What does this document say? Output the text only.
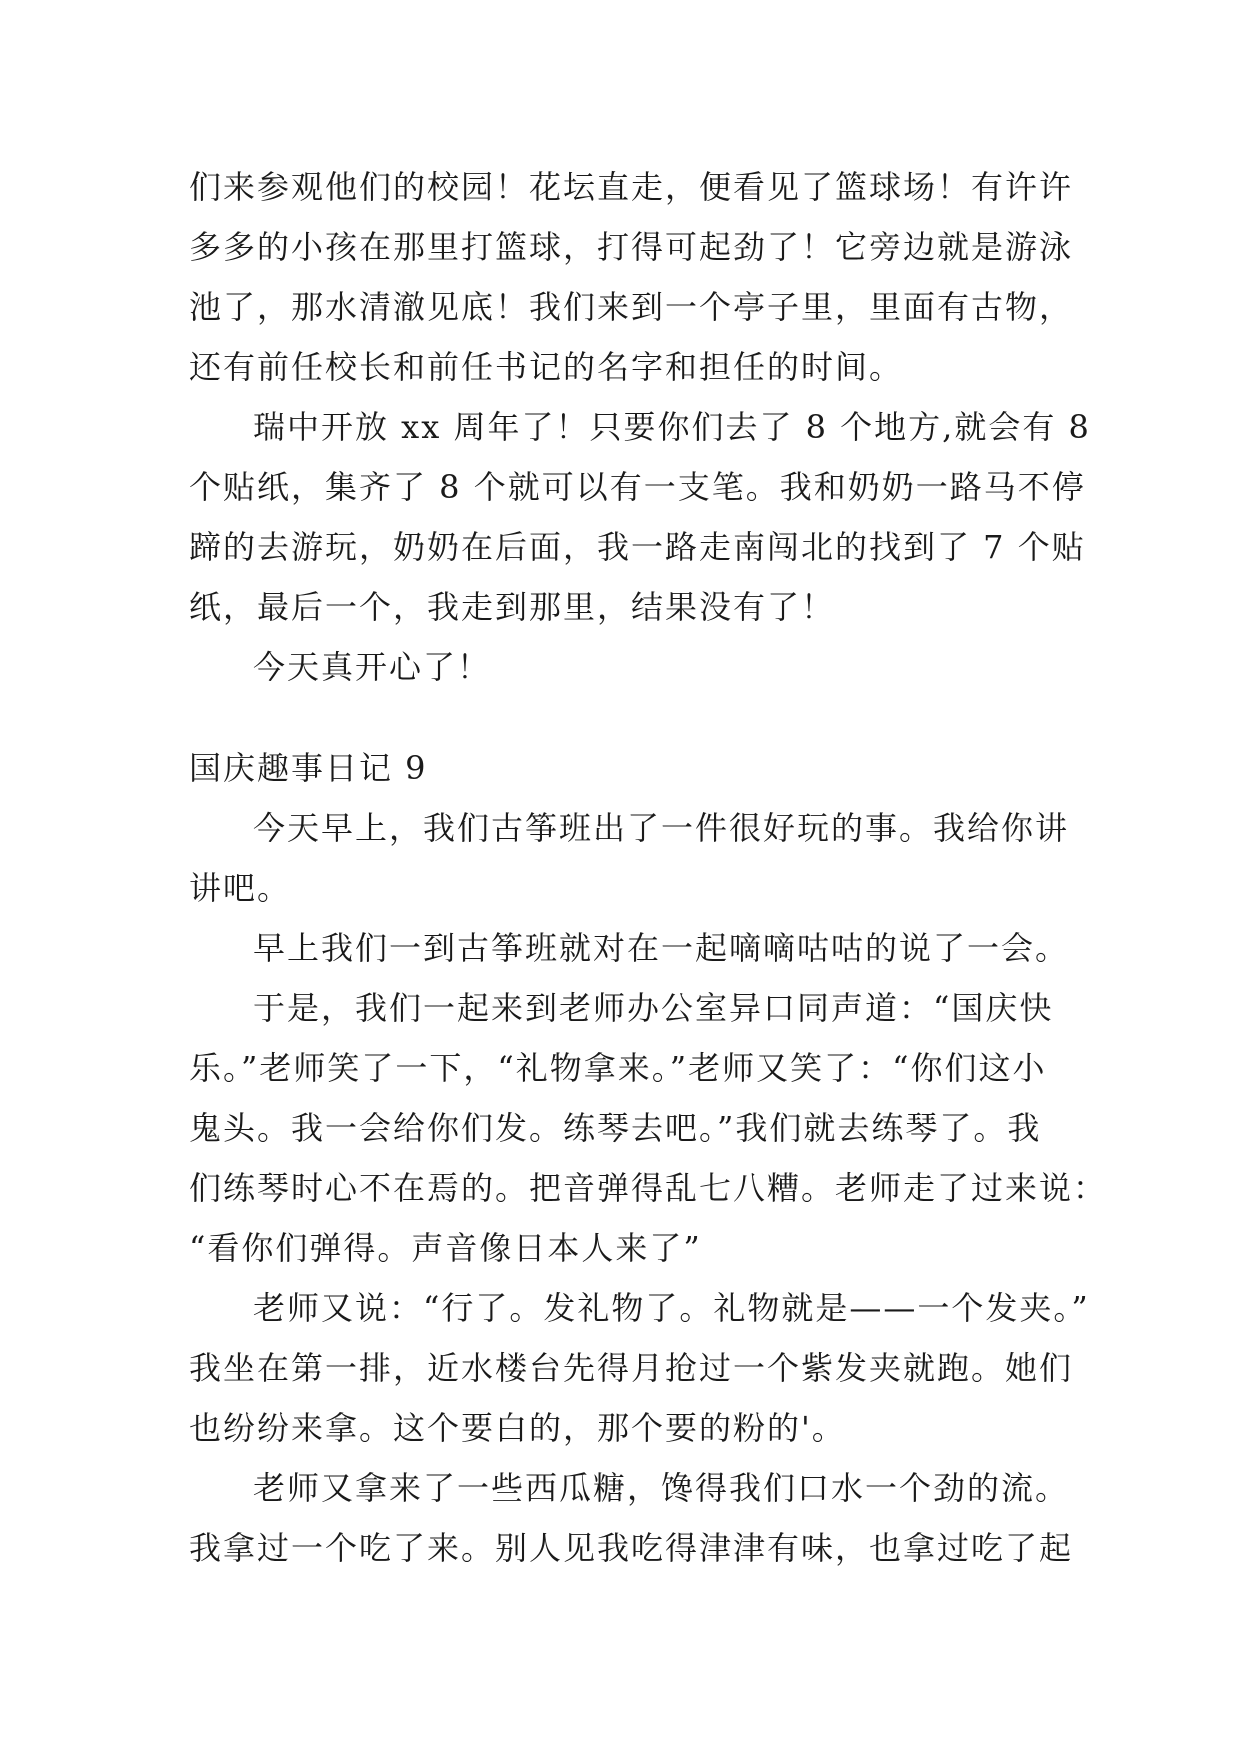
们来参观他们的校园！花坛直走，便看见了篮球场！有许许
多多的小孩在那里打篮球，打得可起劲了！它旁边就是游泳
池了，那水清澈见底！我们来到一个亭子里，里面有古物，
还有前任校长和前任书记的名字和担任的时间。
瑞中开放 xx 周年了！只要你们去了 8 个地方,就会有 8
个贴纸，集齐了 8 个就可以有一支笔。我和奶奶一路马不停
蹄的去游玩，奶奶在后面，我一路走南闯北的找到了 7 个贴
纸，最后一个，我走到那里，结果没有了！
今天真开心了！
国庆趣事日记 9
今天早上，我们古筝班出了一件很好玩的事。我给你讲
讲吧。
早上我们一到古筝班就对在一起嘀嘀咕咕的说了一会。
于是，我们一起来到老师办公室异口同声道：“国庆快
乐。”老师笑了一下，“礼物拿来。”老师又笑了：“你们这小
鬼头。我一会给你们发。练琴去吧。”我们就去练琴了。我
们练琴时心不在焉的。把音弹得乱七八糟。老师走了过来说：
“看你们弹得。声音像日本人来了”
老师又说：“行了。发礼物了。礼物就是——一个发夹。”
我坐在第一排，近水楼台先得月抢过一个紫发夹就跑。她们
也纷纷来拿。这个要白的，那个要的粉的'。
老师又拿来了一些西瓜糖，馋得我们口水一个劲的流。
我拿过一个吃了来。别人见我吃得津津有味，也拿过吃了起
